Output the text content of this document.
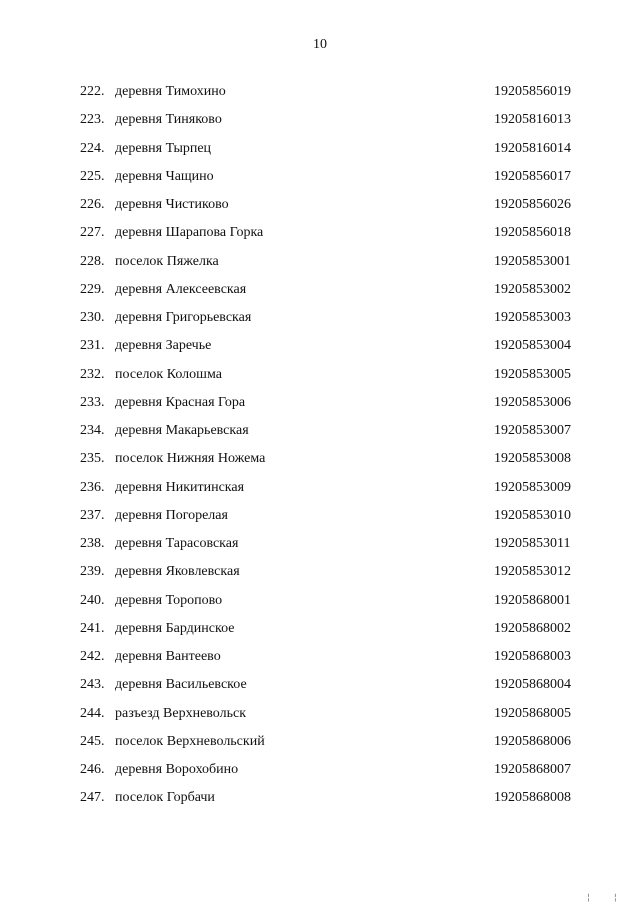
10
222. деревня Тимохино	19205856019
223. деревня Тиняково	19205816013
224. деревня Тырпец	19205816014
225. деревня Чащино	19205856017
226. деревня Чистиково	19205856026
227. деревня Шарапова Горка	19205856018
228. поселок Пяжелка	19205853001
229. деревня Алексеевская	19205853002
230. деревня Григорьевская	19205853003
231. деревня Заречье	19205853004
232. поселок Колошма	19205853005
233. деревня Красная Гора	19205853006
234. деревня Макарьевская	19205853007
235. поселок Нижняя Ножема	19205853008
236. деревня Никитинская	19205853009
237. деревня Погорелая	19205853010
238. деревня Тарасовская	19205853011
239. деревня Яковлевская	19205853012
240. деревня Торопово	19205868001
241. деревня Бардинское	19205868002
242. деревня Вантеево	19205868003
243. деревня Васильевское	19205868004
244. разъезд Верхневольск	19205868005
245. поселок Верхневольский	19205868006
246. деревня Ворохобино	19205868007
247. поселок Горбачи	19205868008
¦ ¦
